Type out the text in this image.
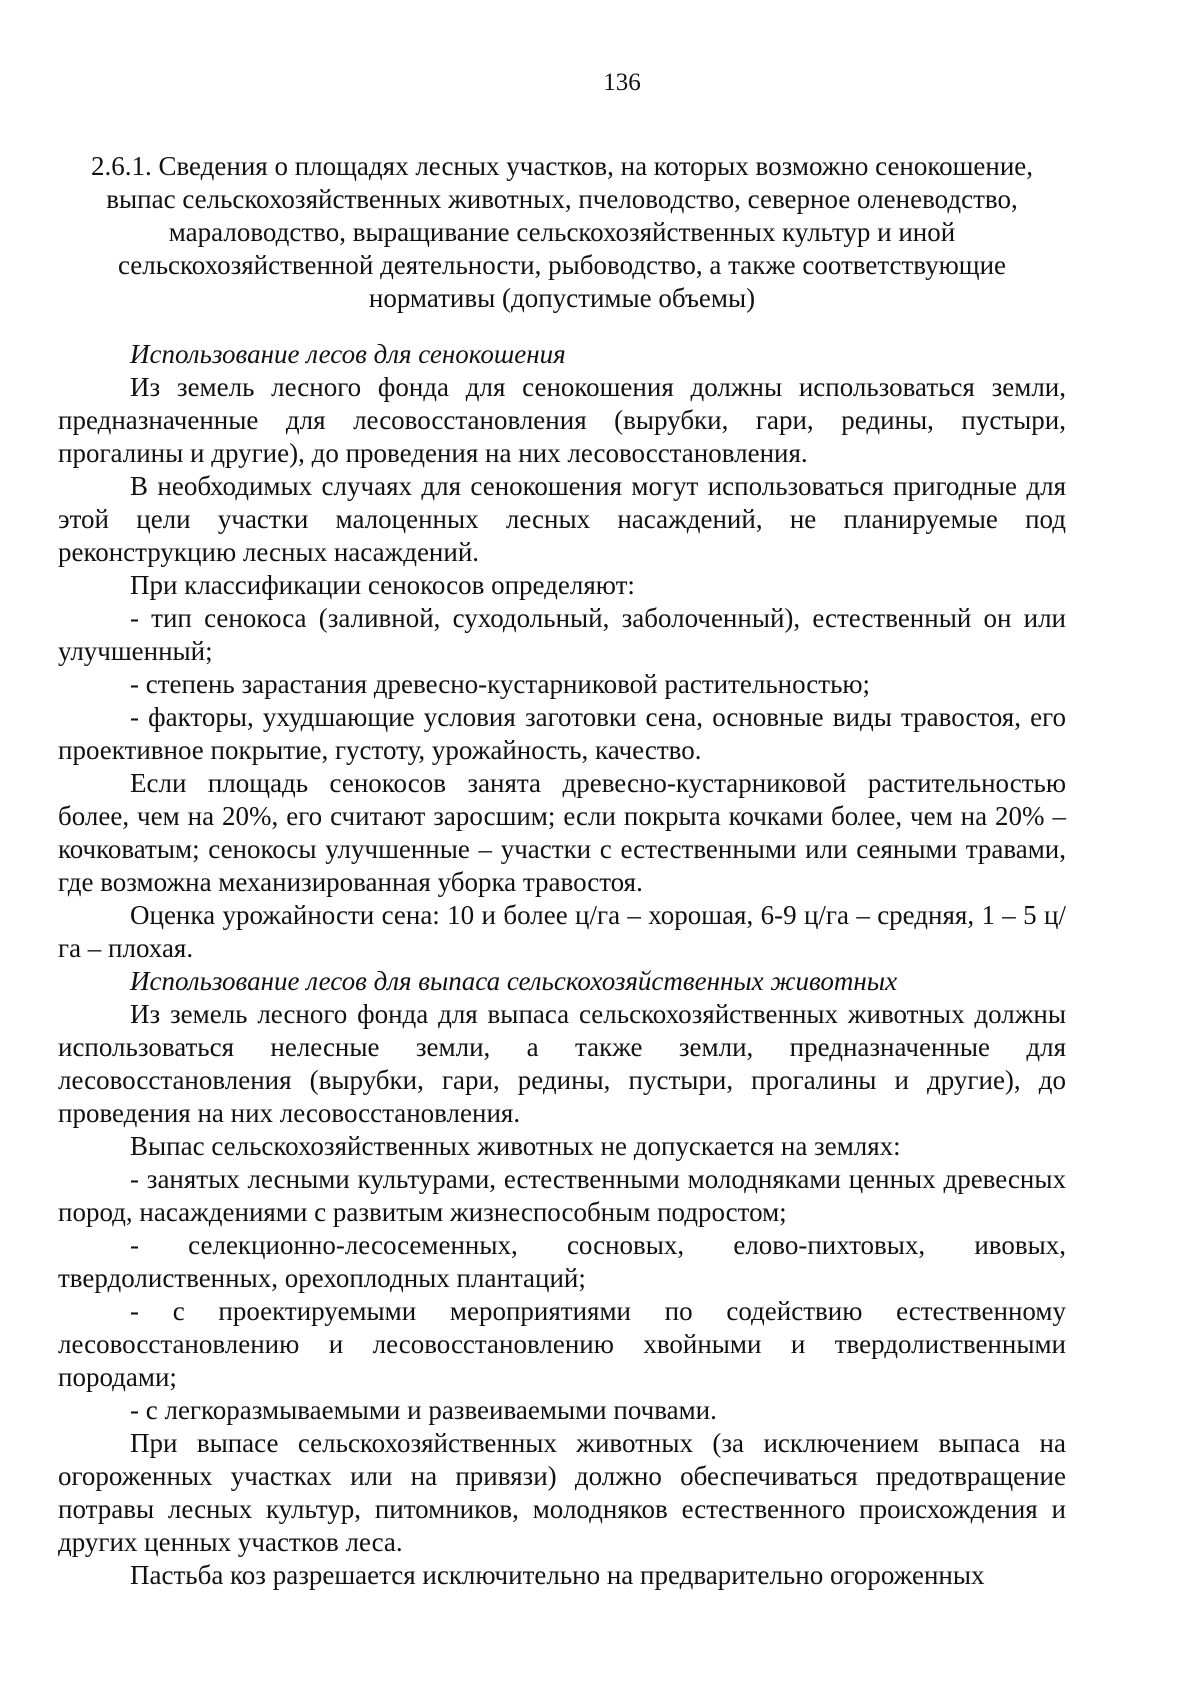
136

2.6.1. Сведения о площадях лесных участков, на которых возможно сенокошение, выпас сельскохозяйственных животных, пчеловодство, северное оленеводство, мараловодство, выращивание сельскохозяйственных культур и иной сельскохозяйственной деятельности, рыбоводство, а также соответствующие нормативы (допустимые объемы)

Использование лесов для сенокошения

Из земель лесного фонда для сенокошения должны использоваться земли, предназначенные для лесовосстановления (вырубки, гари, редины, пустыри, прогалины и другие), до проведения на них лесовосстановления.

В необходимых случаях для сенокошения могут использоваться пригодные для этой цели участки малоценных лесных насаждений, не планируемые под реконструкцию лесных насаждений.

При классификации сенокосов определяют:

- тип сенокоса (заливной, суходольный, заболоченный), естественный он или улучшенный;

- степень зарастания древесно-кустарниковой растительностью;

- факторы, ухудшающие условия заготовки сена, основные виды травостоя, его проективное покрытие, густоту, урожайность, качество.

Если площадь сенокосов занята древесно-кустарниковой растительностью более, чем на 20%, его считают заросшим; если покрыта кочками более, чем на 20% – кочковатым; сенокосы улучшенные – участки с естественными или сеяными травами, где возможна механизированная уборка травостоя.

Оценка урожайности сена: 10 и более ц/га – хорошая, 6-9 ц/га – средняя, 1 – 5 ц/га – плохая.

Использование лесов для выпаса сельскохозяйственных животных

Из земель лесного фонда для выпаса сельскохозяйственных животных должны использоваться нелесные земли, а также земли, предназначенные для лесовосстановления (вырубки, гари, редины, пустыри, прогалины и другие), до проведения на них лесовосстановления.

Выпас сельскохозяйственных животных не допускается на землях:

- занятых лесными культурами, естественными молодняками ценных древесных пород, насаждениями с развитым жизнеспособным подростом;

- селекционно-лесосеменных, сосновых, елово-пихтовых, ивовых, твердолиственных, орехоплодных плантаций;

- с проектируемыми мероприятиями по содействию естественному лесовосстановлению и лесовосстановлению хвойными и твердолиственными породами;

- с легкоразмываемыми и развеиваемыми почвами.

При выпасе сельскохозяйственных животных (за исключением выпаса на огороженных участках или на привязи) должно обеспечиваться предотвращение потравы лесных культур, питомников, молодняков естественного происхождения и других ценных участков леса.

Пастьба коз разрешается исключительно на предварительно огороженных
